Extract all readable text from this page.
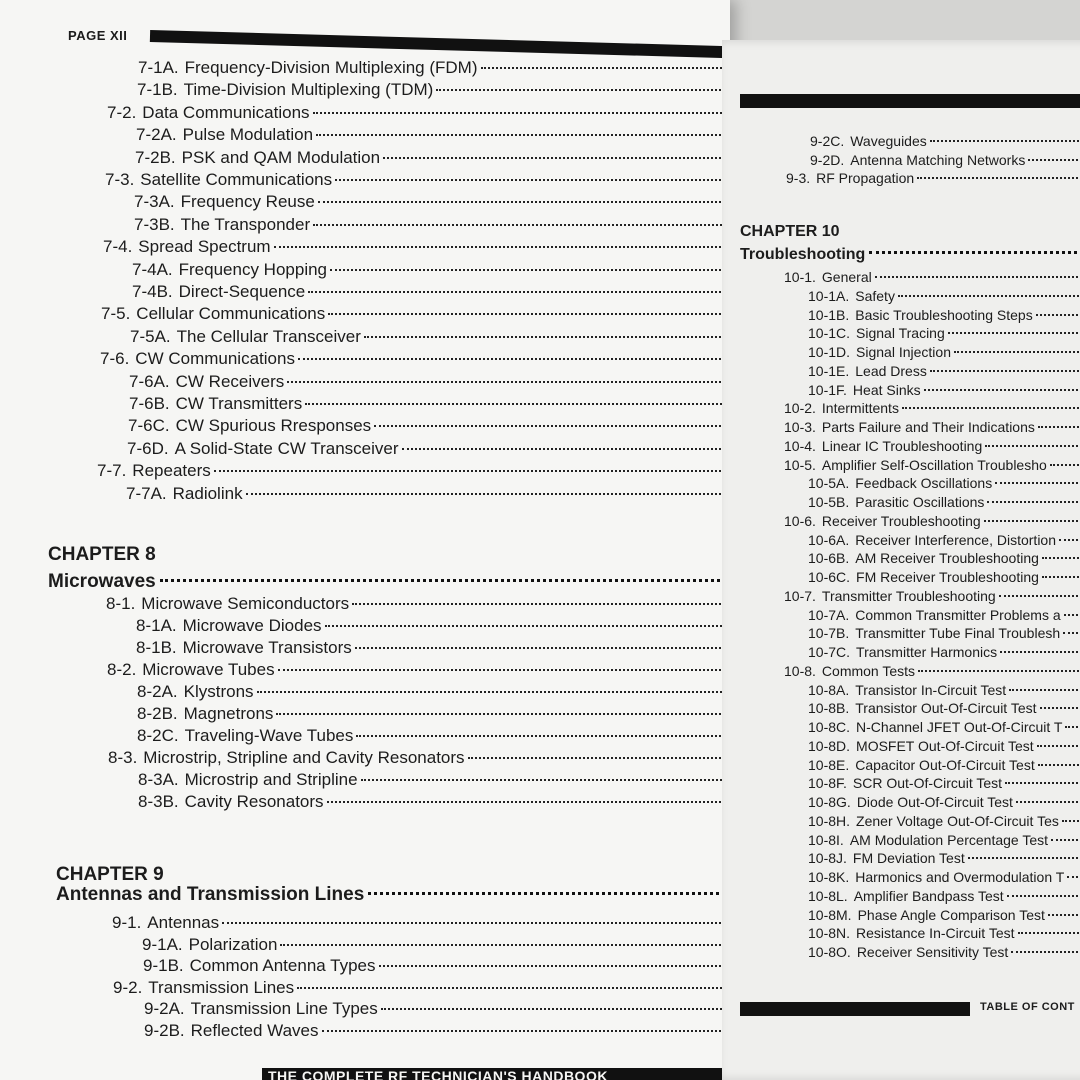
PAGE XII
7-1A. Frequency-Division Multiplexing (FDM)
7-1B. Time-Division Multiplexing (TDM)
7-2. Data Communications
7-2A. Pulse Modulation
7-2B. PSK and QAM Modulation
7-3. Satellite Communications
7-3A. Frequency Reuse
7-3B. The Transponder
7-4. Spread Spectrum
7-4A. Frequency Hopping
7-4B. Direct-Sequence
7-5. Cellular Communications
7-5A. The Cellular Transceiver
7-6. CW Communications
7-6A. CW Receivers
7-6B. CW Transmitters
7-6C. CW Spurious Rresponses
7-6D. A Solid-State CW Transceiver
7-7. Repeaters
7-7A. Radiolink
CHAPTER 8
Microwaves
8-1. Microwave Semiconductors
8-1A. Microwave Diodes
8-1B. Microwave Transistors
8-2. Microwave Tubes
8-2A. Klystrons
8-2B. Magnetrons
8-2C. Traveling-Wave Tubes
8-3. Microstrip, Stripline and Cavity Resonators
8-3A. Microstrip and Stripline
8-3B. Cavity Resonators
CHAPTER 9
Antennas and Transmission Lines
9-1. Antennas
9-1A. Polarization
9-1B. Common Antenna Types
9-2. Transmission Lines
9-2A. Transmission Line Types
9-2B. Reflected Waves
THE COMPLETE RF TECHNICIAN'S HANDBOOK
9-2C. Waveguides
9-2D. Antenna Matching Networks
9-3. RF Propagation
CHAPTER 10
Troubleshooting
10-1. General
10-1A. Safety
10-1B. Basic Troubleshooting Steps
10-1C. Signal Tracing
10-1D. Signal Injection
10-1E. Lead Dress
10-1F. Heat Sinks
10-2. Intermittents
10-3. Parts Failure and Their Indications
10-4. Linear IC Troubleshooting
10-5. Amplifier Self-Oscillation Troublesho
10-5A. Feedback Oscillations
10-5B. Parasitic Oscillations
10-6. Receiver Troubleshooting
10-6A. Receiver Interference, Distortion
10-6B. AM Receiver Troubleshooting
10-6C. FM Receiver Troubleshooting
10-7. Transmitter Troubleshooting
10-7A. Common Transmitter Problems a
10-7B. Transmitter Tube Final Troublesh
10-7C. Transmitter Harmonics
10-8. Common Tests
10-8A. Transistor In-Circuit Test
10-8B. Transistor Out-Of-Circuit Test
10-8C. N-Channel JFET Out-Of-Circuit T
10-8D. MOSFET Out-Of-Circuit Test
10-8E. Capacitor Out-Of-Circuit Test
10-8F. SCR Out-Of-Circuit Test
10-8G. Diode Out-Of-Circuit Test
10-8H. Zener Voltage Out-Of-Circuit Tes
10-8I. AM Modulation Percentage Test
10-8J. FM Deviation Test
10-8K. Harmonics and Overmodulation T
10-8L. Amplifier Bandpass Test
10-8M. Phase Angle Comparison Test
10-8N. Resistance In-Circuit Test
10-8O. Receiver Sensitivity Test
TABLE OF CONT
